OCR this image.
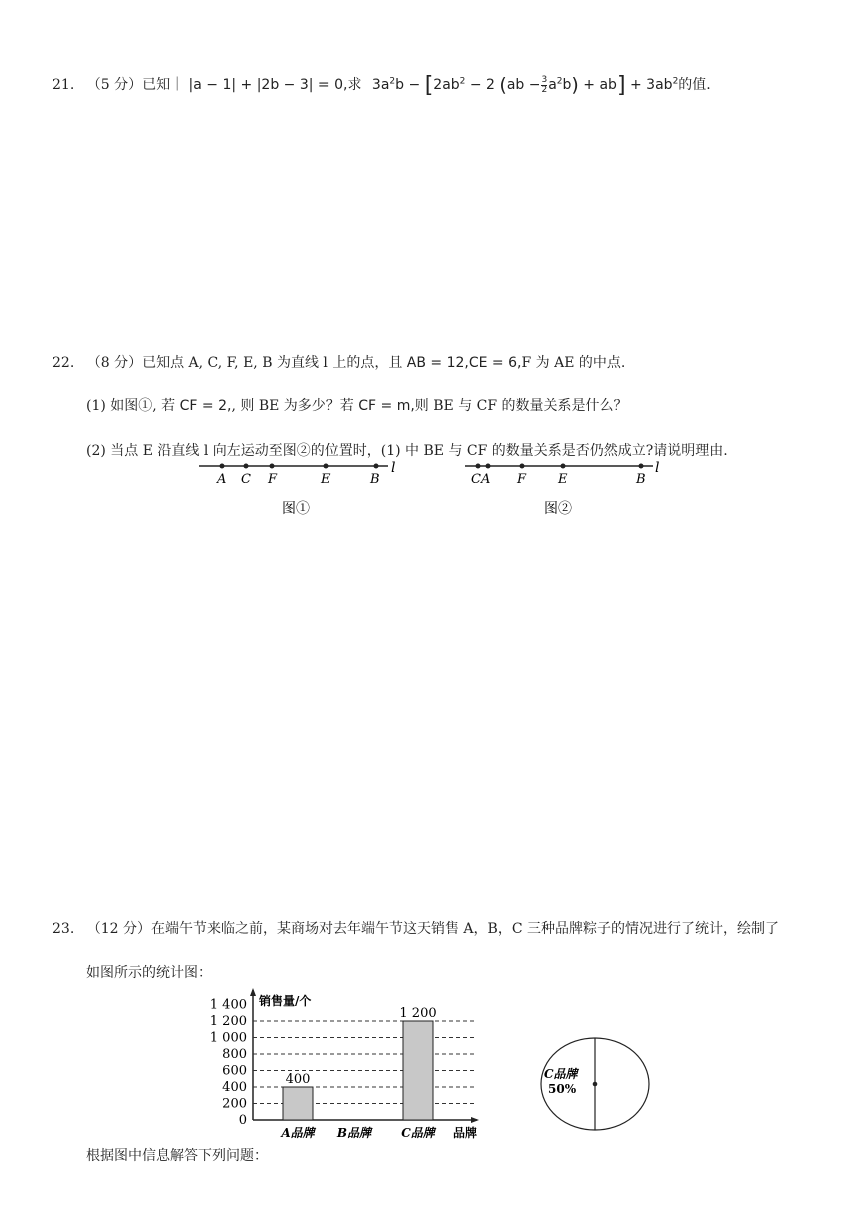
21. （5 分）已知｜ |a − 1| + |2b − 3| = 0,求 $3a^2b - [2ab^2 - 2$ $(ab - \frac{3}{2} a^2b) + ab] + 3ab^2$的值.
22. （8 分）已知点 A, C, F, E, B 为直线 l 上的点，且 AB = 12,CE = 6,F 为 AE 的中点.
(1) 如图①, 若 CF = 2,, 则 BE 为多少？若 CF = m,则 BE 与 CF 的数量关系是什么？
(2) 当点 E 沿直线 l 向左运动至图②的位置时，(1) 中 BE 与 CF 的数量关系是否仍然成立?请说明理由.
l
A C F	E	B
图①
l
C A F E	B
图②
23. （12 分）在端午节来临之前，某商场对去年端午节这天销售 A，B，C 三种品牌粽子的情况进行了统计，绘制了
如图所示的统计图：
销售量/个
品牌
0
200
400
600
800
1 000
1 200
1 400
400
1 200
A品牌 B品牌	C品牌
C品牌
50%
根据图中信息解答下列问题：
